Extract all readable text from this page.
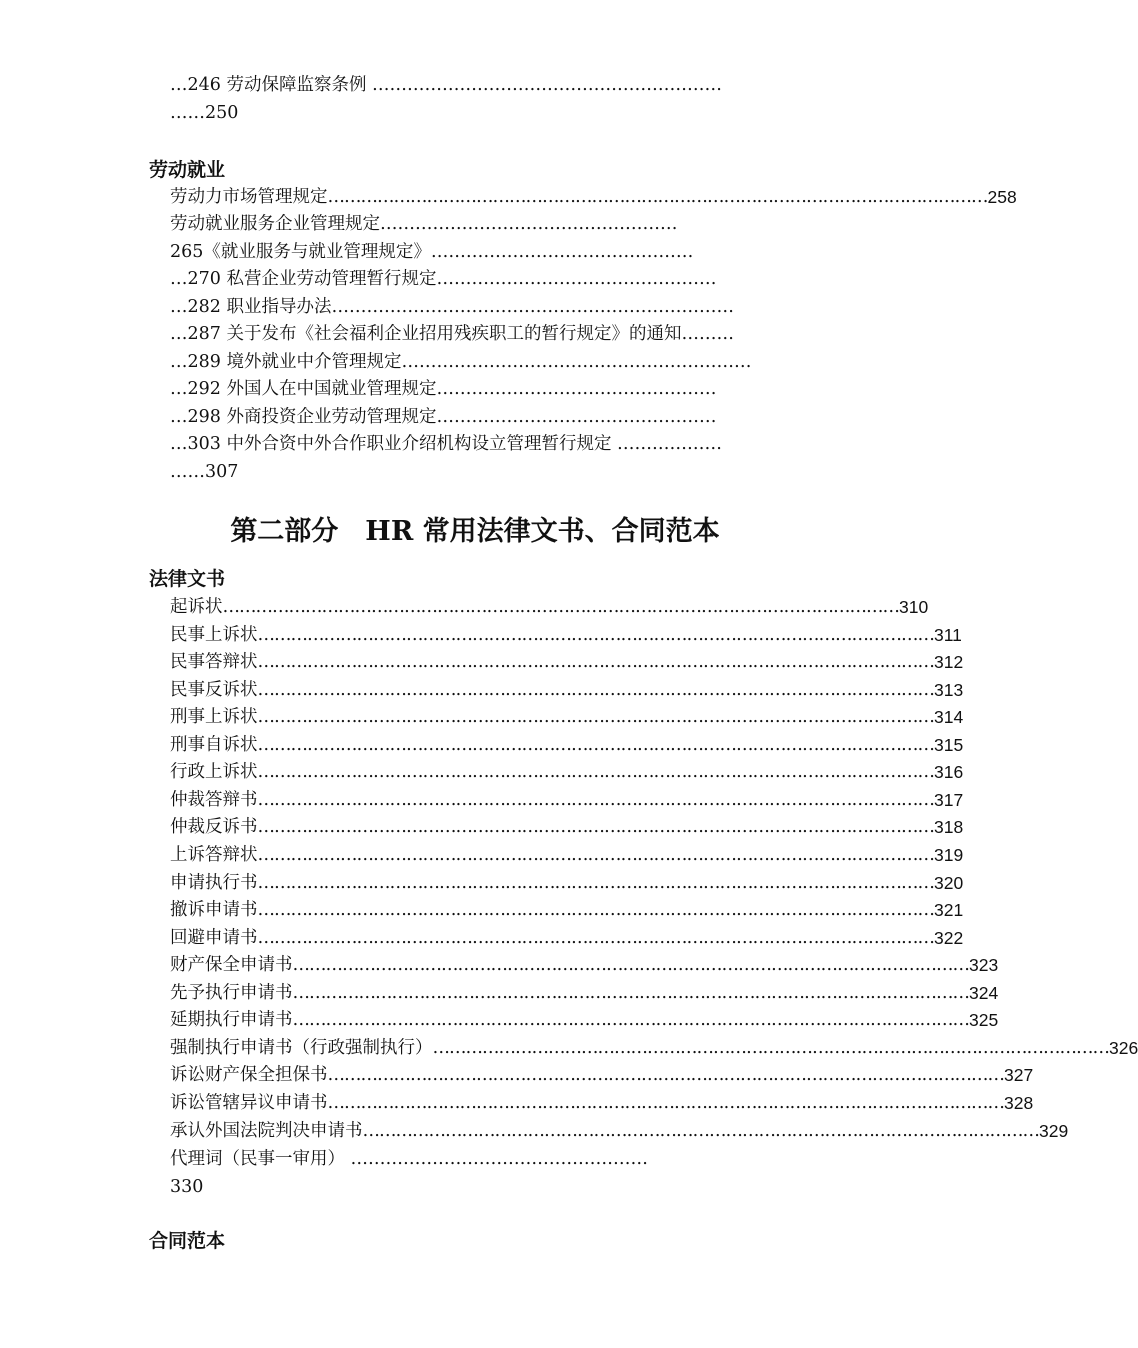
…246 劳动保障监察条例 ……………………………………………………
……250
劳动就业
劳动力市场管理规定 ………………………………………………………………………………………………………… 258
劳动就业服务企业管理规定……………………………………………
265《就业服务与就业管理规定》………………………………………
…270 私营企业劳动管理暂行规定…………………………………………
…282 职业指导办法……………………………………………………………
…287 关于发布《社会福利企业招用残疾职工的暂行规定》的通知………
…289 境外就业中介管理规定……………………………………………………
…292 外国人在中国就业管理规定…………………………………………
…298 外商投资企业劳动管理规定…………………………………………
…303 中外合资中外合作职业介绍机构设立管理暂行规定 ………………
……307
第二部分　HR 常用法律文书、合同范本
法律文书
起诉状 …………………………………………………………………………………………………………… 310
民事上诉状 …………………………………………………………………………………………………………… 311
民事答辩状 …………………………………………………………………………………………………………… 312
民事反诉状 …………………………………………………………………………………………………………… 313
刑事上诉状 …………………………………………………………………………………………………………… 314
刑事自诉状 …………………………………………………………………………………………………………… 315
行政上诉状 …………………………………………………………………………………………………………… 316
仲裁答辩书 …………………………………………………………………………………………………………… 317
仲裁反诉书 …………………………………………………………………………………………………………… 318
上诉答辩状 …………………………………………………………………………………………………………… 319
申请执行书 …………………………………………………………………………………………………………… 320
撤诉申请书 …………………………………………………………………………………………………………… 321
回避申请书 …………………………………………………………………………………………………………… 322
财产保全申请书 …………………………………………………………………………………………………………… 323
先予执行申请书 …………………………………………………………………………………………………………… 324
延期执行申请书 …………………………………………………………………………………………………………… 325
强制执行申请书（行政强制执行） …………………………………………………………………………………………………………… 326
诉讼财产保全担保书 …………………………………………………………………………………………………………… 327
诉讼管辖异议申请书 …………………………………………………………………………………………………………… 328
承认外国法院判决申请书 …………………………………………………………………………………………………………… 329
代理词（民事一审用） ……………………………………………
330
合同范本
